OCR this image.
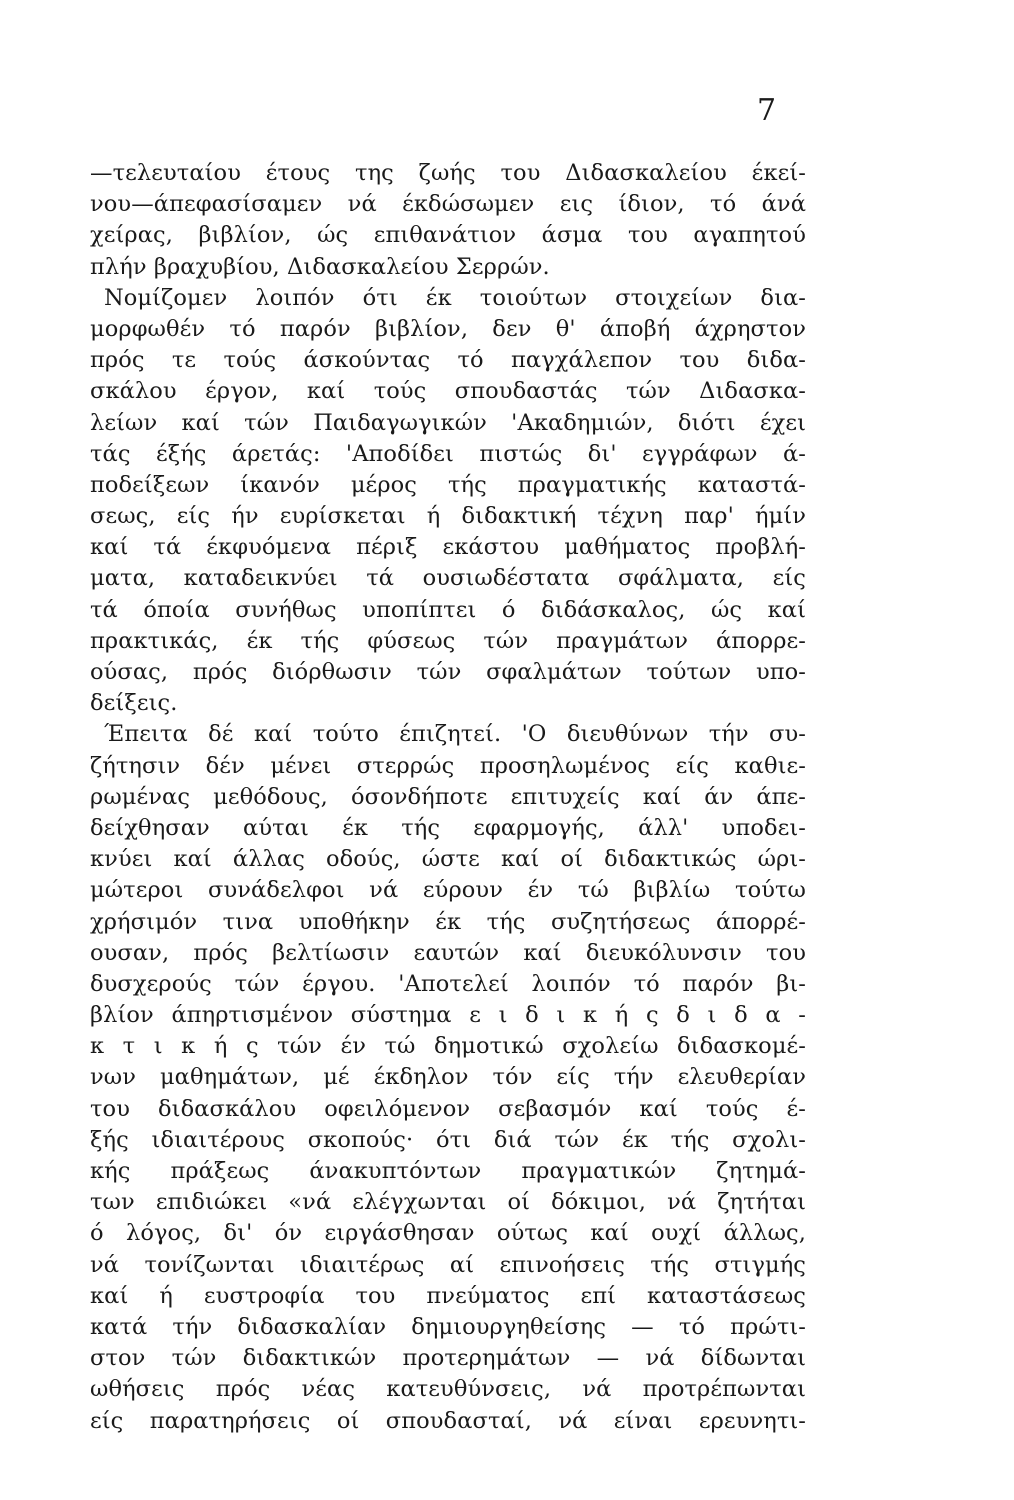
7
—τελευταίου έτους της ζωής του Διδασκαλείου έκεί-
νου—άπεφασίσαμεν νά έκδώσωμεν εις ίδιον, τό άνά
χείρας, βιβλίον, ώς επιθανάτιον άσμα του αγαπητού
πλήν βραχυβίου, Διδασκαλείου Σερρών.
Νομίζομεν λοιπόν ότι έκ τοιούτων στοιχείων δια-
μορφωθέν τό παρόν βιβλίον, δεν θ' άποβή άχρηστον
πρός τε τούς άσκούντας τό παγχάλεπον του διδα-
σκάλου έργον, καί τούς σπουδαστάς τών Διδασκα-
λείων καί τών Παιδαγωγικών 'Ακαδημιών, διότι έχει
τάς έξής άρετάς: 'Αποδίδει πιστώς δι' εγγράφων ά-
ποδείξεων ίκανόν μέρος τής πραγματικής καταστά-
σεως, είς ήν ευρίσκεται ή διδακτική τέχνη παρ' ήμίν
καί τά έκφυόμενα πέριξ εκάστου μαθήματος προβλή-
ματα, καταδεικνύει τά ουσιωδέστατα σφάλματα, είς
τά όποία συνήθως υποπίπτει ό διδάσκαλος, ώς καί
πρακτικάς, έκ τής φύσεως τών πραγμάτων άπορρε-
ούσας, πρός διόρθωσιν τών σφαλμάτων τούτων υπο-
δείξεις.
Έπειτα δέ καί τούτο έπιζητεί. 'Ο διευθύνων τήν συ-
ζήτησιν δέν μένει στερρώς προσηλωμένος είς καθιε-
ρωμένας μεθόδους, όσονδήποτε επιτυχείς καί άν άπε-
δείχθησαν αύται έκ τής εφαρμογής, άλλ' υποδει-
κνύει καί άλλας οδούς, ώστε καί οί διδακτικώς ώρι-
μώτεροι συνάδελφοι νά εύρουν έν τώ βιβλίω τούτω
χρήσιμόν τινα υποθήκην έκ τής συζητήσεως άπορρέ-
ουσαν, πρός βελτίωσιν εαυτών καί διευκόλυνσιν του
δυσχερούς τών έργου. 'Αποτελεί λοιπόν τό παρόν βι-
βλίον άπηρτισμένον σύστημα ε ι δ ι κ ή ς δ ι δ α -
κ τ ι κ ή ς τών έν τώ δημοτικώ σχολείω διδασκομέ-
νων μαθημάτων, μέ έκδηλον τόν είς τήν ελευθερίαν
του διδασκάλου οφειλόμενον σεβασμόν καί τούς έ-
ξής ιδιαιτέρους σκοπούς· ότι διά τών έκ τής σχολι-
κής πράξεως άνακυπτόντων πραγματικών ζητημά-
των επιδιώκει «νά ελέγχωνται οί δόκιμοι, νά ζητήται
ό λόγος, δι' όν ειργάσθησαν ούτως καί ουχί άλλως,
νά τονίζωνται ιδιαιτέρως αί επινοήσεις τής στιγμής
καί ή ευστροφία του πνεύματος επί καταστάσεως
κατά τήν διδασκαλίαν δημιουργηθείσης — τό πρώτι-
στον τών διδακτικών προτερημάτων — νά δίδωνται
ωθήσεις πρός νέας κατευθύνσεις, νά προτρέπωνται
είς παρατηρήσεις οί σπουδασταί, νά είναι ερευνητι-
